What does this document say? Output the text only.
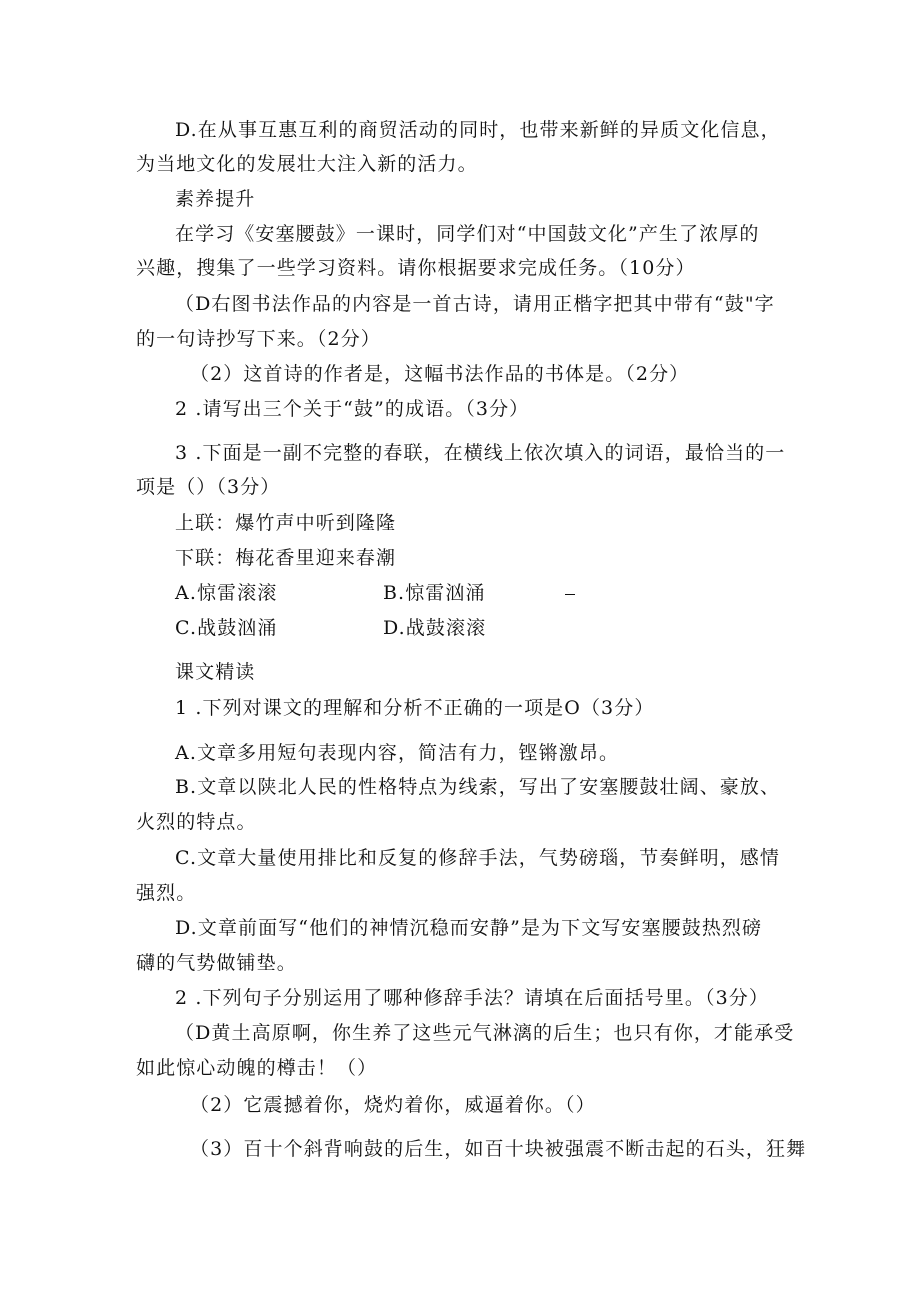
D.在从事互惠互利的商贸活动的同时，也带来新鲜的异质文化信息，
为当地文化的发展壮大注入新的活力。
素养提升
在学习《安塞腰鼓》一课时，同学们对“中国鼓文化”产生了浓厚的
兴趣，搜集了一些学习资料。请你根据要求完成任务。（10分）
（D右图书法作品的内容是一首古诗，请用正楷字把其中带有“鼓"字
的一句诗抄写下来。（2分）
（2）这首诗的作者是，这幅书法作品的书体是。（2分）
2 .请写出三个关于“鼓”的成语。（3分）
3 .下面是一副不完整的春联，在横线上依次填入的词语，最恰当的一
项是（）（3分）
上联：爆竹声中听到隆隆
下联：梅花香里迎来春潮
A.惊雷滚滚	B.惊雷汹涌
C.战鼓汹涌	D.战鼓滚滚
课文精读
1 .下列对课文的理解和分析不正确的一项是O（3分）
A.文章多用短句表现内容，简洁有力，铿锵激昂。
B.文章以陕北人民的性格特点为线索，写出了安塞腰鼓壮阔、豪放、
火烈的特点。
C.文章大量使用排比和反复的修辞手法，气势磅瑙，节奏鲜明，感情
强烈。
D.文章前面写“他们的神情沉稳而安静”是为下文写安塞腰鼓热烈磅
礴的气势做铺垫。
2 .下列句子分别运用了哪种修辞手法？请填在后面括号里。（3分）
（D黄土高原啊，你生养了这些元气淋漓的后生；也只有你，才能承受
如此惊心动魄的樽击！（）
（2）它震撼着你，烧灼着你，威逼着你。（）
（3）百十个斜背响鼓的后生，如百十块被强震不断击起的石头，狂舞
